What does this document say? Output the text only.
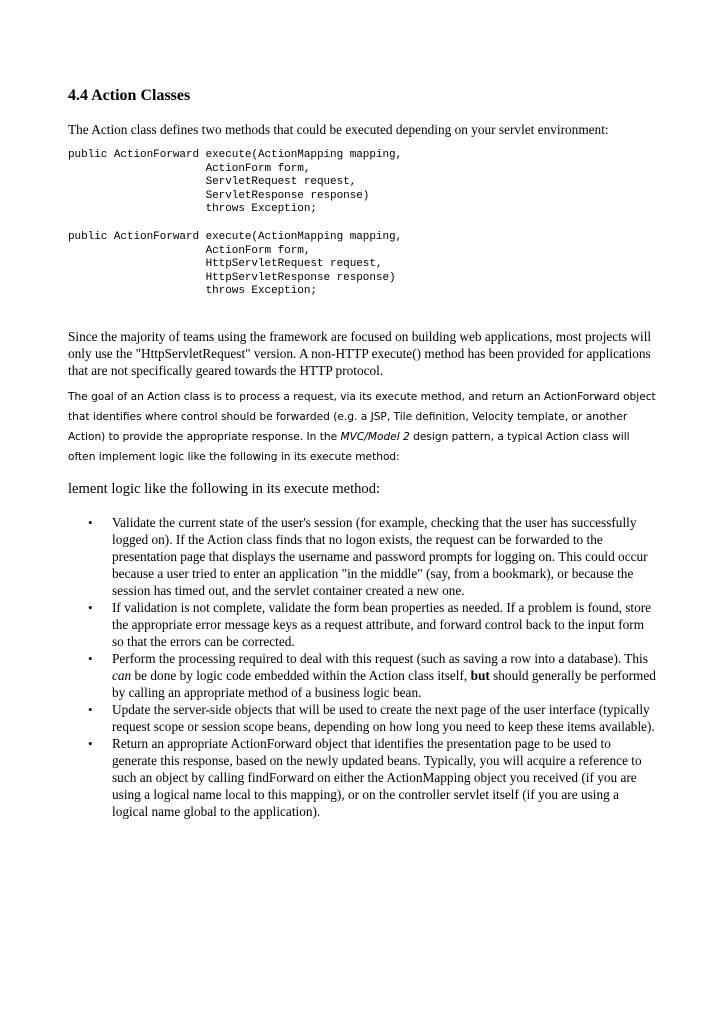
4.4 Action Classes

The Action class defines two methods that could be executed depending on your servlet environment:

public ActionForward execute(ActionMapping mapping,
ActionForm form,
ServletRequest request,
ServletResponse response)
throws Exception;
public ActionForward execute(ActionMapping mapping,
ActionForm form,
HttpServletRequest request,
HttpServletResponse response)
throws Exception;

Since the majority of teams using the framework are focused on building web applications, most projects will only use the "HttpServletRequest" version. A non-HTTP execute() method has been provided for applications that are not specifically geared towards the HTTP protocol.

The goal of an Action class is to process a request, via its execute method, and return an ActionForward object that identifies where control should be forwarded (e.g. a JSP, Tile definition, Velocity template, or another Action) to provide the appropriate response. In the MVC/Model 2 design pattern, a typical Action class will often implement logic like the following in its execute method:

lement logic like the following in its execute method:

• Validate the current state of the user's session (for example, checking that the user has successfully logged on). If the Action class finds that no logon exists, the request can be forwarded to the presentation page that displays the username and password prompts for logging on. This could occur because a user tried to enter an application "in the middle" (say, from a bookmark), or because the session has timed out, and the servlet container created a new one.
• If validation is not complete, validate the form bean properties as needed. If a problem is found, store the appropriate error message keys as a request attribute, and forward control back to the input form so that the errors can be corrected.
• Perform the processing required to deal with this request (such as saving a row into a database). This can be done by logic code embedded within the Action class itself, but should generally be performed by calling an appropriate method of a business logic bean.
• Update the server-side objects that will be used to create the next page of the user interface (typically request scope or session scope beans, depending on how long you need to keep these items available).
• Return an appropriate ActionForward object that identifies the presentation page to be used to generate this response, based on the newly updated beans. Typically, you will acquire a reference to such an object by calling findForward on either the ActionMapping object you received (if you are using a logical name local to this mapping), or on the controller servlet itself (if you are using a logical name global to the application).
